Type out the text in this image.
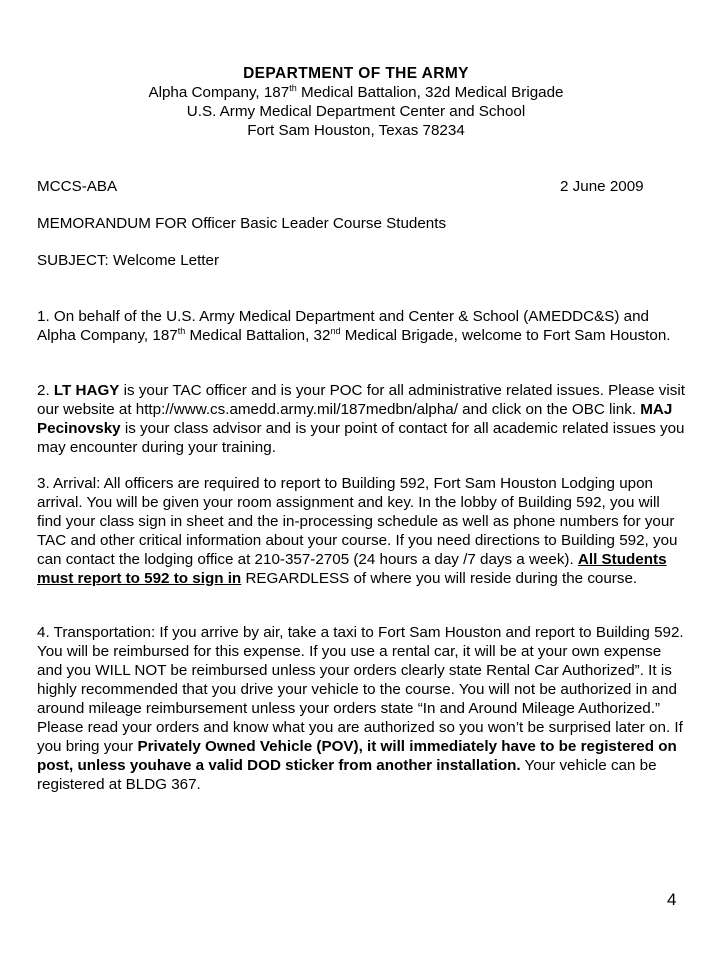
DEPARTMENT OF THE ARMY
Alpha Company, 187th Medical Battalion, 32d Medical Brigade
U.S. Army Medical Department Center and School
Fort Sam Houston, Texas 78234
MCCS-ABA	2 June 2009
MEMORANDUM FOR Officer Basic Leader Course Students
SUBJECT: Welcome Letter

1. On behalf of the U.S. Army Medical Department and Center & School (AMEDDC&S) and Alpha Company, 187th Medical Battalion, 32nd Medical Brigade, welcome to Fort Sam Houston.

2. LT HAGY is your TAC officer and is your POC for all administrative related issues. Please visit our website at http://www.cs.amedd.army.mil/187medbn/alpha/ and click on the OBC link. MAJ Pecinovsky is your class advisor and is your point of contact for all academic related issues you may encounter during your training.

3. Arrival: All officers are required to report to Building 592, Fort Sam Houston Lodging upon arrival. You will be given your room assignment and key. In the lobby of Building 592, you will find your class sign in sheet and the in-processing schedule as well as phone numbers for your TAC and other critical information about your course. If you need directions to Building 592, you can contact the lodging office at 210-357-2705 (24 hours a day /7 days a week). All Students must report to 592 to sign in REGARDLESS of where you will reside during the course.

4. Transportation: If you arrive by air, take a taxi to Fort Sam Houston and report to Building 592. You will be reimbursed for this expense. If you use a rental car, it will be at your own expense and you WILL NOT be reimbursed unless your orders clearly state Rental Car Authorized”. It is highly recommended that you drive your vehicle to the course. You will not be authorized in and around mileage reimbursement unless your orders state “In and Around Mileage Authorized.” Please read your orders and know what you are authorized so you won’t be surprised later on. If you bring your Privately Owned Vehicle (POV), it will immediately have to be registered on post, unless youhave a valid DOD sticker from another installation. Your vehicle can be registered at BLDG 367.

4
